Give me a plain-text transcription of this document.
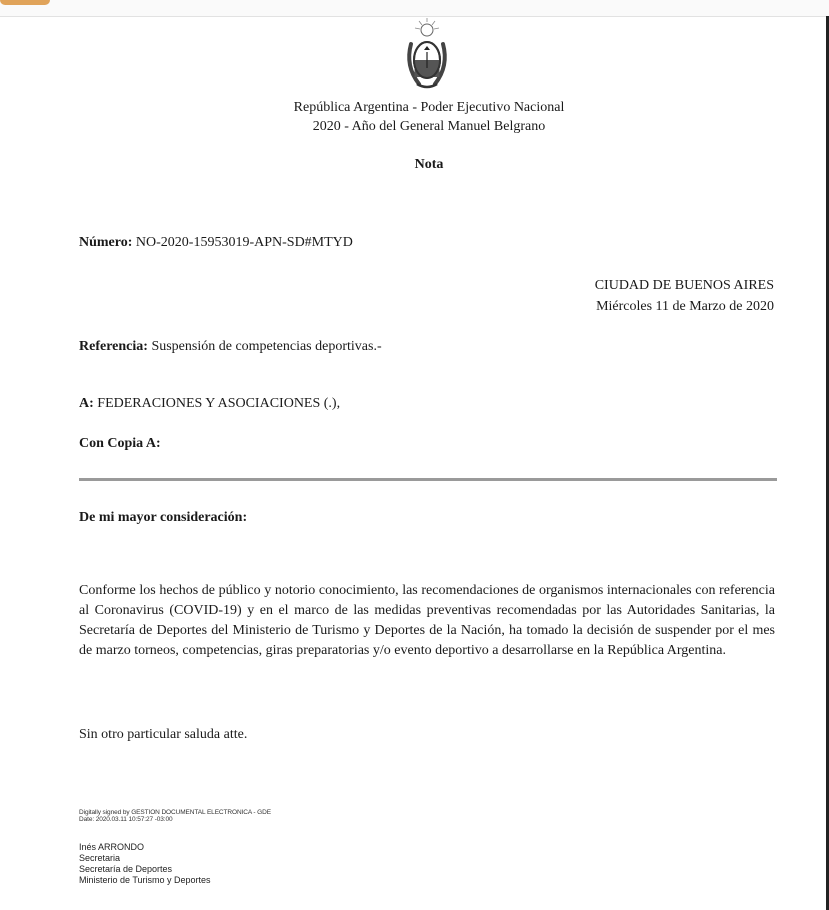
República Argentina - Poder Ejecutivo Nacional
2020 - Año del General Manuel Belgrano
Nota
Número: NO-2020-15953019-APN-SD#MTYD
CIUDAD DE BUENOS AIRES
Miércoles 11 de Marzo de 2020
Referencia: Suspensión de competencias deportivas.-
A: FEDERACIONES Y ASOCIACIONES (.),
Con Copia A:
De mi mayor consideración:
Conforme los hechos de público y notorio conocimiento, las recomendaciones de organismos internacionales con referencia al Coronavirus (COVID-19) y en el marco de las medidas preventivas recomendadas por las Autoridades Sanitarias, la Secretaría de Deportes del Ministerio de Turismo y Deportes de la Nación, ha tomado la decisión de suspender por el mes de marzo torneos, competencias, giras preparatorias y/o evento deportivo a desarrollarse en la República Argentina.
Sin otro particular saluda atte.
Digitally signed by GESTION DOCUMENTAL ELECTRONICA - GDE
Date: 2020.03.11 10:57:27 -03:00
Inés ARRONDO
Secretaria
Secretaría de Deportes
Ministerio de Turismo y Deportes
